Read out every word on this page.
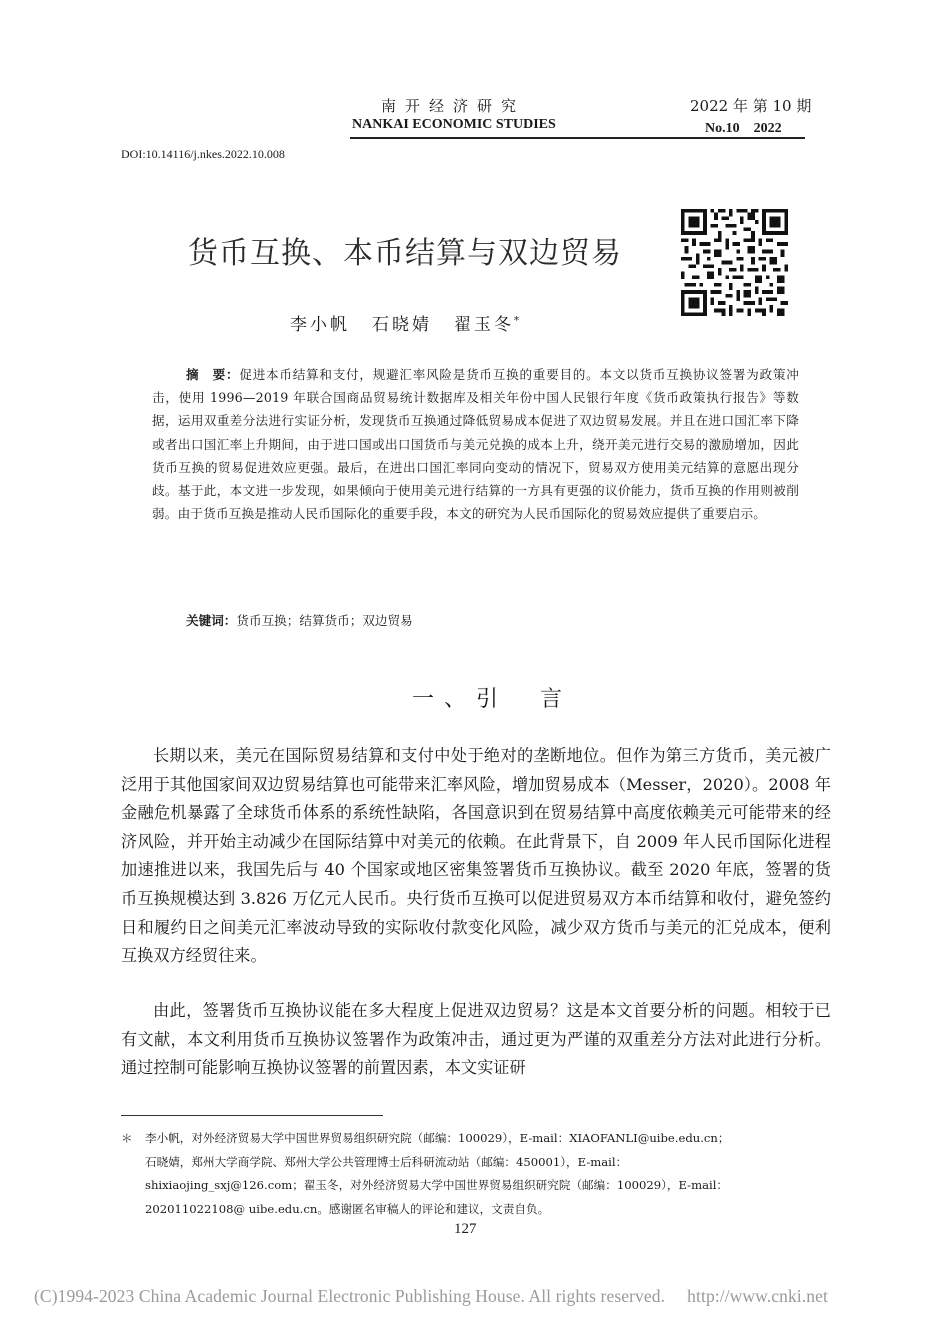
南开经济研究
NANKAI ECONOMIC STUDIES
2022 年 第 10 期
No.10　2022
DOI:10.14116/j.nkes.2022.10.008
货币互换、本币结算与双边贸易
李小帆 石晓婧 翟玉冬*
摘　要：促进本币结算和支付，规避汇率风险是货币互换的重要目的。本文以货币互换协议签署为政策冲击，使用 1996—2019 年联合国商品贸易统计数据库及相关年份中国人民银行年度《货币政策执行报告》等数据，运用双重差分法进行实证分析，发现货币互换通过降低贸易成本促进了双边贸易发展。并且在进口国汇率下降或者出口国汇率上升期间，由于进口国或出口国货币与美元兑换的成本上升，绕开美元进行交易的激励增加，因此货币互换的贸易促进效应更强。最后，在进出口国汇率同向变动的情况下，贸易双方使用美元结算的意愿出现分歧。基于此，本文进一步发现，如果倾向于使用美元进行结算的一方具有更强的议价能力，货币互换的作用则被削弱。由于货币互换是推动人民币国际化的重要手段，本文的研究为人民币国际化的贸易效应提供了重要启示。
关键词：货币互换；结算货币；双边贸易
一、引　言

长期以来，美元在国际贸易结算和支付中处于绝对的垄断地位。但作为第三方货币，美元被广泛用于其他国家间双边贸易结算也可能带来汇率风险，增加贸易成本（Messer，2020）。2008 年金融危机暴露了全球货币体系的系统性缺陷，各国意识到在贸易结算中高度依赖美元可能带来的经济风险，并开始主动减少在国际结算中对美元的依赖。在此背景下，自 2009 年人民币国际化进程加速推进以来，我国先后与 40 个国家或地区密集签署货币互换协议。截至 2020 年底，签署的货币互换规模达到 3.826 万亿元人民币。央行货币互换可以促进贸易双方本币结算和收付，避免签约日和履约日之间美元汇率波动导致的实际收付款变化风险，减少双方货币与美元的汇兑成本，便利互换双方经贸往来。

由此，签署货币互换协议能在多大程度上促进双边贸易？这是本文首要分析的问题。相较于已有文献，本文利用货币互换协议签署作为政策冲击，通过更为严谨的双重差分方法对此进行分析。通过控制可能影响互换协议签署的前置因素，本文实证研

＊ 李小帆，对外经济贸易大学中国世界贸易组织研究院（邮编：100029），E-mail：XIAOFANLI@uibe.edu.cn；
石晓婧，郑州大学商学院、郑州大学公共管理博士后科研流动站（邮编：450001），E-mail：
shixiaojing_sxj@126.com；翟玉冬，对外经济贸易大学中国世界贸易组织研究院（邮编：100029），E-mail：
202011022108@ uibe.edu.cn。感谢匿名审稿人的评论和建议，文责自负。
127
(C)1994-2023 China Academic Journal Electronic Publishing House. All rights reserved.　 http://www.cnki.net
